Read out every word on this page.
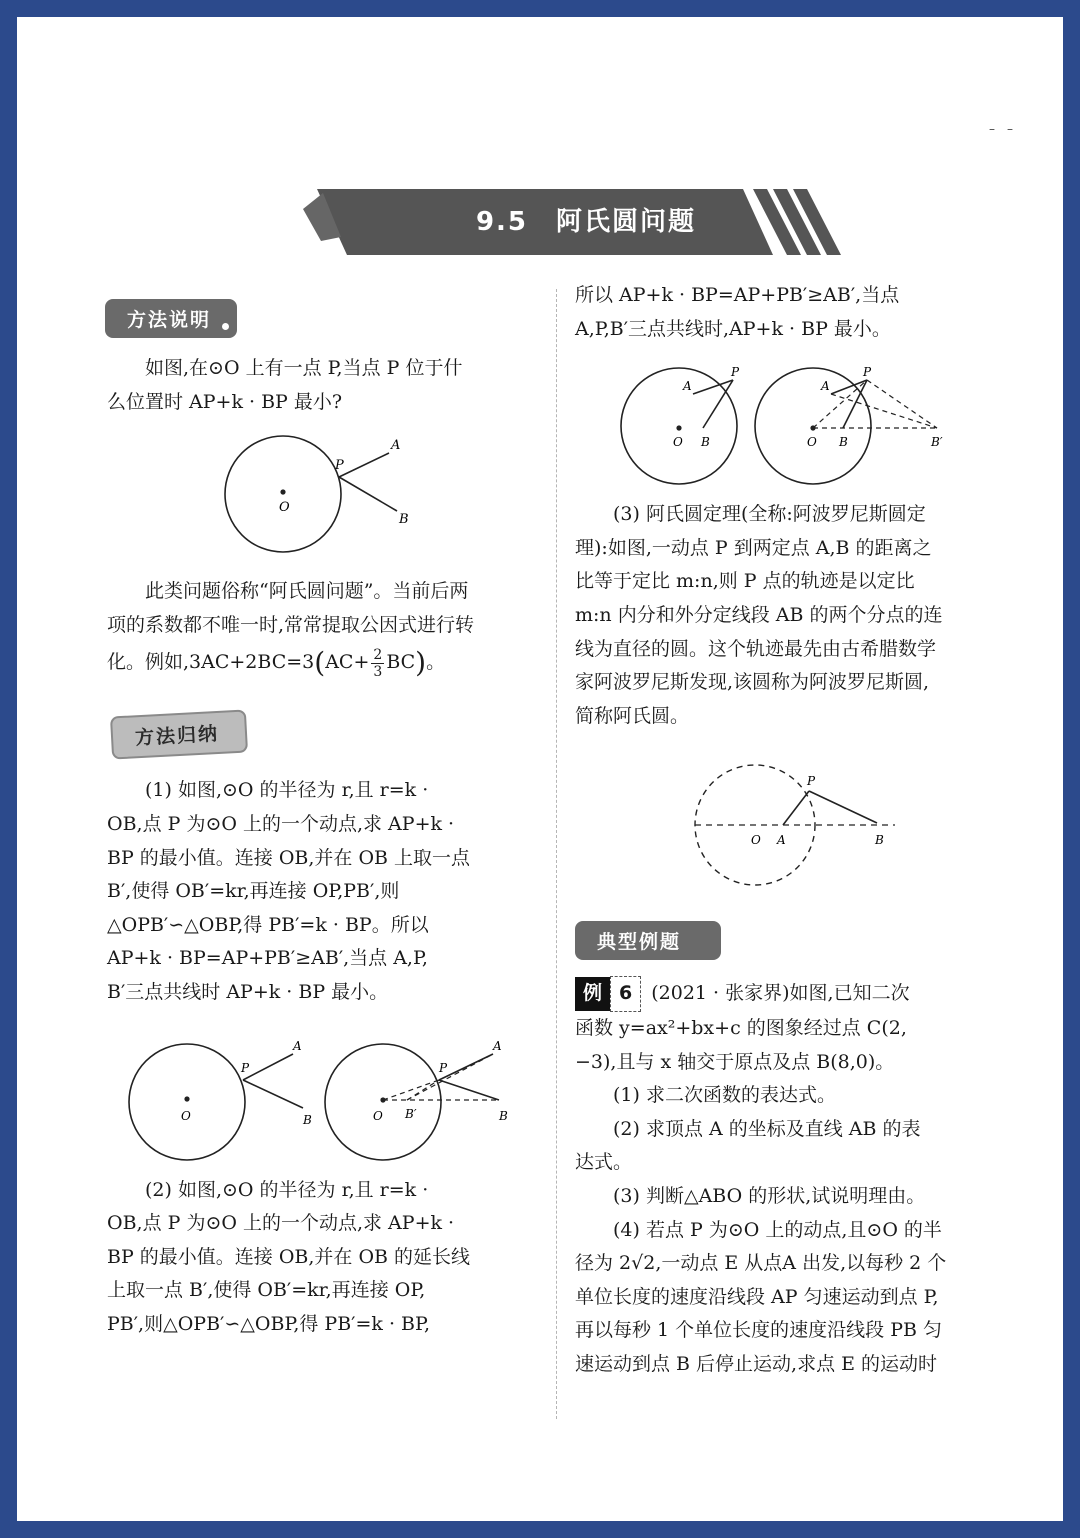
–　–
9.5　阿氏圆问题
方法说明

如图,在⊙O 上有一点 P,当点 P 位于什

么位置时 AP+k · BP 最小?

O
P
A
B

此类问题俗称“阿氏圆问题”。当前后两

项的系数都不唯一时,常常提取公因式进行转

化。例如$,3AC+2BC=3(AC+ \frac{2}{3} BC)$。

方法归纳

(1) 如图,⊙O 的半径为 r,且 r=k ·

OB,点 P 为⊙O 上的一个动点,求 AP+k ·

BP 的最小值。连接 OB,并在 OB 上取一点

B′,使得 OB′=kr,再连接 OP,PB′,则

△OPB′∽△OBP,得 PB′=k · BP。所以

AP+k · BP=AP+PB′≥AB′,当点 A,P,

B′三点共线时 AP+k · BP 最小。

O
P
A
B	O B′
P
A
B

(2) 如图,⊙O 的半径为 r,且 r=k ·

OB,点 P 为⊙O 上的一个动点,求 AP+k ·

BP 的最小值。连接 OB,并在 OB 的延长线

上取一点 B′,使得 OB′=kr,再连接 OP,

PB′,则△OPB′∽△OBP,得 PB′=k · BP,

所以 AP+k · BP=AP+PB′≥AB′,当点

A,P,B′三点共线时,AP+k · BP 最小。

A
O B
P
A
O B
P
B′

(3) 阿氏圆定理(全称:阿波罗尼斯圆定

理):如图,一动点 P 到两定点 A,B 的距离之

比等于定比 m:n,则 P 点的轨迹是以定比

m:n 内分和外分定线段 AB 的两个分点的连

线为直径的圆。这个轨迹最先由古希腊数学

家阿波罗尼斯发现,该圆称为阿波罗尼斯圆,

简称阿氏圆。

O A
P
B
典型例题

例 6 (2021 · 张家界)如图,已知二次

函数 y=ax²+bx+c 的图象经过点 C(2,

−3),且与 x 轴交于原点及点 B(8,0)。

(1) 求二次函数的表达式。

(2) 求顶点 A 的坐标及直线 AB 的表

达式。

(3) 判断△ABO 的形状,试说明理由。

(4) 若点 P 为⊙O 上的动点,且⊙O 的半

径为 2√2,一动点 E 从点A 出发,以每秒 2 个

单位长度的速度沿线段 AP 匀速运动到点 P,

再以每秒 1 个单位长度的速度沿线段 PB 匀

速运动到点 B 后停止运动,求点 E 的运动时
